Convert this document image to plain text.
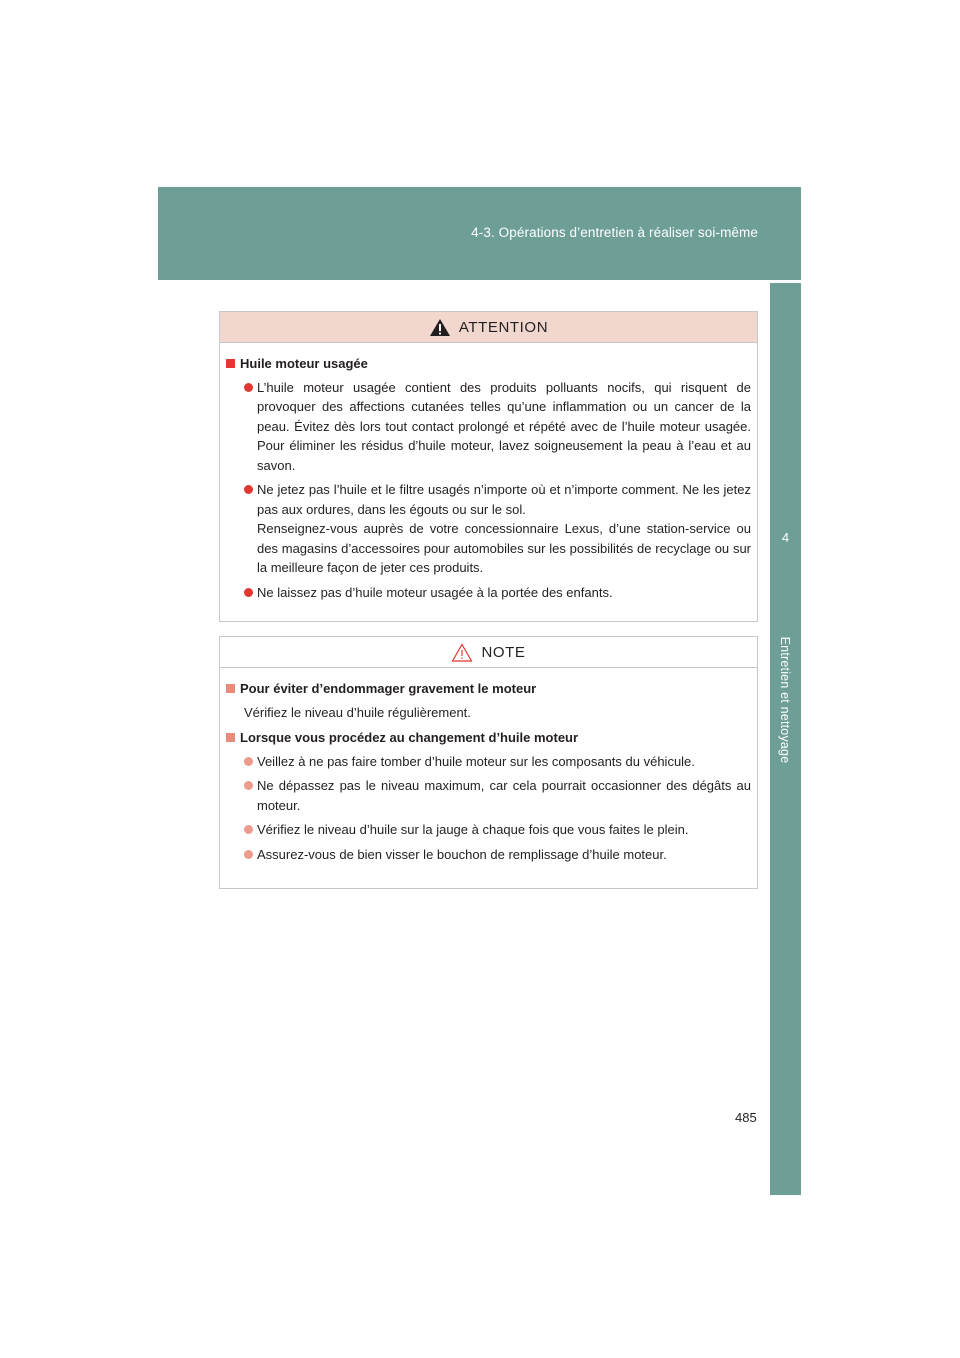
4-3. Opérations d’entretien à réaliser soi-même
4
Entretien et nettoyage
ATTENTION
Huile moteur usagée
L’huile moteur usagée contient des produits polluants nocifs, qui risquent de provoquer des affections cutanées telles qu’une inflammation ou un cancer de la peau. Évitez dès lors tout contact prolongé et répété avec de l’huile moteur usagée. Pour éliminer les résidus d’huile moteur, lavez soigneusement la peau à l’eau et au savon.
Ne jetez pas l’huile et le filtre usagés n’importe où et n’importe comment. Ne les jetez pas aux ordures, dans les égouts ou sur le sol.
Renseignez-vous auprès de votre concessionnaire Lexus, d’une station-service ou des magasins d’accessoires pour automobiles sur les possibilités de recyclage ou sur la meilleure façon de jeter ces produits.
Ne laissez pas d’huile moteur usagée à la portée des enfants.
NOTE
Pour éviter d’endommager gravement le moteur
Vérifiez le niveau d’huile régulièrement.
Lorsque vous procédez au changement d’huile moteur
Veillez à ne pas faire tomber d’huile moteur sur les composants du véhicule.
Ne dépassez pas le niveau maximum, car cela pourrait occasionner des dégâts au moteur.
Vérifiez le niveau d’huile sur la jauge à chaque fois que vous faites le plein.
Assurez-vous de bien visser le bouchon de remplissage d’huile moteur.
485
